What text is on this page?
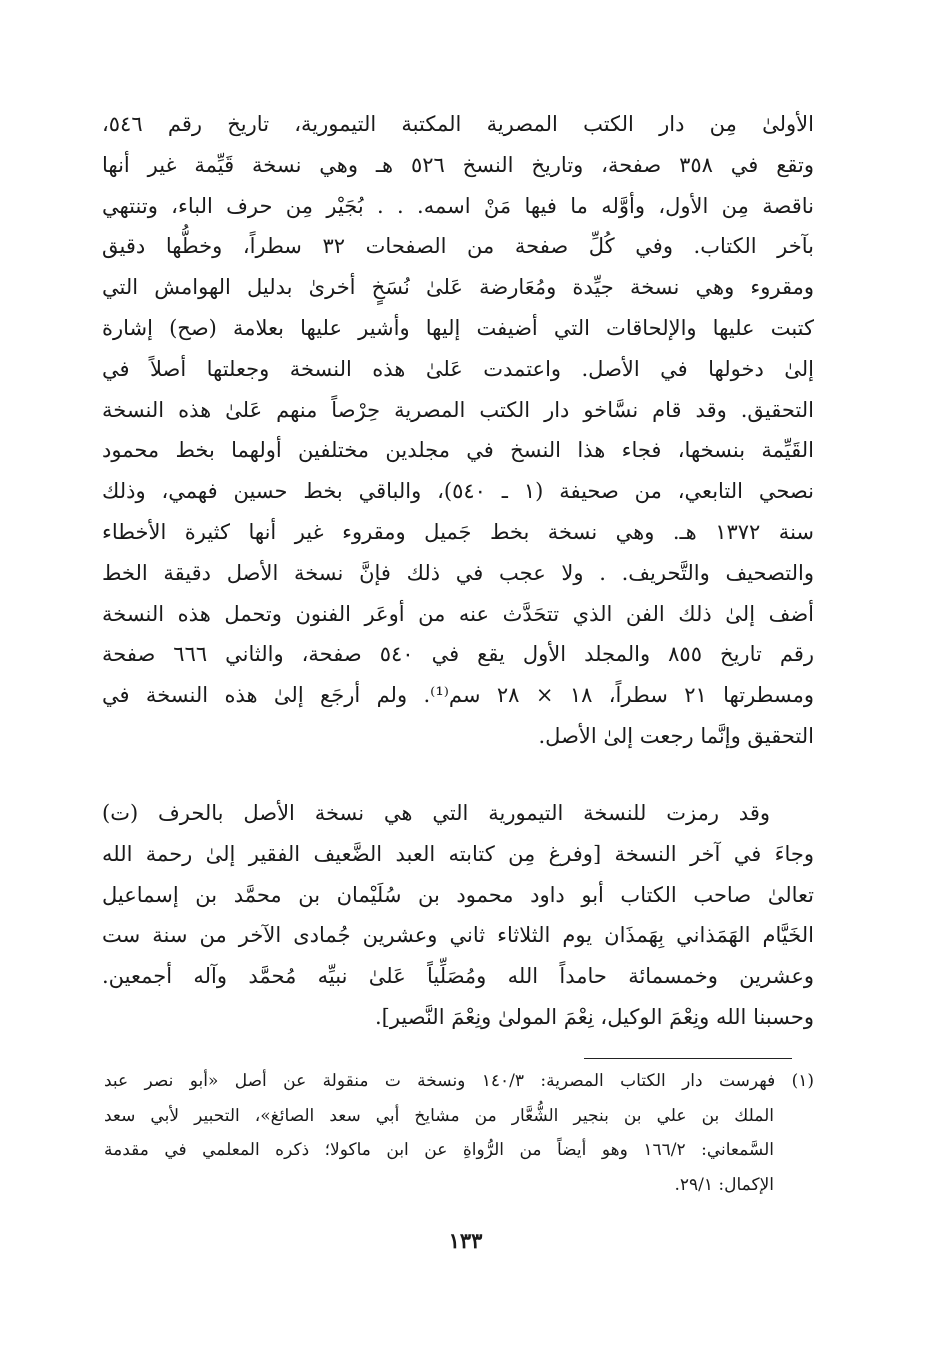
الأولىٰ مِن دار الكتب المصرية المكتبة التيمورية، تاريخ رقم ٥٤٦،
وتقع في ٣٥٨ صفحة، وتاريخ النسخ ٥٢٦ هـ وهي نسخة قَيِّمة غير أنها
ناقصة مِن الأول، وأوَّله ما فيها مَنْ اسمه. . . بُجَيْر مِن حرف الباء، وتنتهي
بآخر الكتاب. وفي كُلِّ صفحة من الصفحات ٣٢ سطراً، وخطُّها دقيق
ومقروء وهي نسخة جيِّدة ومُعَارضة عَلىٰ نُسَخٍ أخرىٰ بدليل الهوامش التي
كتبت عليها والإلحاقات التي أضيفت إليها وأشير عليها بعلامة (صح) إشارة
إلىٰ دخولها في الأصل. واعتمدت عَلىٰ هذه النسخة وجعلتها أصلاً في
التحقيق. وقد قام نسَّاخو دار الكتب المصرية حِرْصاً منهم عَلىٰ هذه النسخة
القَيِّمة بنسخها، فجاء هذا النسخ في مجلدين مختلفين أولهما بخط محمود
نصحي التابعي، من صحيفة (١ ـ ٥٤٠)، والباقي بخط حسين فهمي، وذلك
سنة ١٣٧٢ هـ. وهي نسخة بخط جَميل ومقروء غير أنها كثيرة الأخطاء
والتصحيف والتَّحريف. . ولا عجب في ذلك فإنَّ نسخة الأصل دقيقة الخط
أضف إلىٰ ذلك الفن الذي تتحَدَّث عنه من أوعَر الفنون وتحمل هذه النسخة
رقم تاريخ ٨٥٥ والمجلد الأول يقع في ٥٤٠ صفحة، والثاني ٦٦٦ صفحة
ومسطرتها ٢١ سطراً، ١٨ × ٢٨ سم⁽¹⁾. ولم أرجَع إلىٰ هذه النسخة في
التحقيق وإنَّما رجعت إلىٰ الأصل.
وقد رمزت للنسخة التيمورية التي هي نسخة الأصل بالحرف (ت)
وجاءَ في آخر النسخة [وفرغ مِن كتابته العبد الضَّعيف الفقير إلىٰ رحمة الله
تعالىٰ صاحب الكتاب أبو داود محمود بن سُلَيْمان بن محمَّد بن إسماعيل
الخَيَّام الهَمَذاني بِهَمذَان يوم الثلاثاء ثاني وعشرين جُمادى الآخر من سنة ست
وعشرين وخمسمائة حامداً الله ومُصَلِّياً عَلىٰ نبيِّه مُحمَّد وآله أجمعين.
وحسبنا الله ونِعْمَ الوكيل، نِعْمَ المولىٰ ونِعْمَ النَّصير].
(١) فهرست دار الكتاب المصرية: ١٤٠/٣ ونسخة ت منقولة عن أصل «أبو نصر عبد
الملك بن علي بن بنجير الشُّعَّار من مشايخ أبي سعد الصائغ»، التحبير لأبي سعد
السَّمعاني: ١٦٦/٢ وهو أيضاً من الرُّواةِ عن ابن ماكولا؛ ذكره المعلمي في مقدمة
الإكمال: ٢٩/١.
١٣٣
